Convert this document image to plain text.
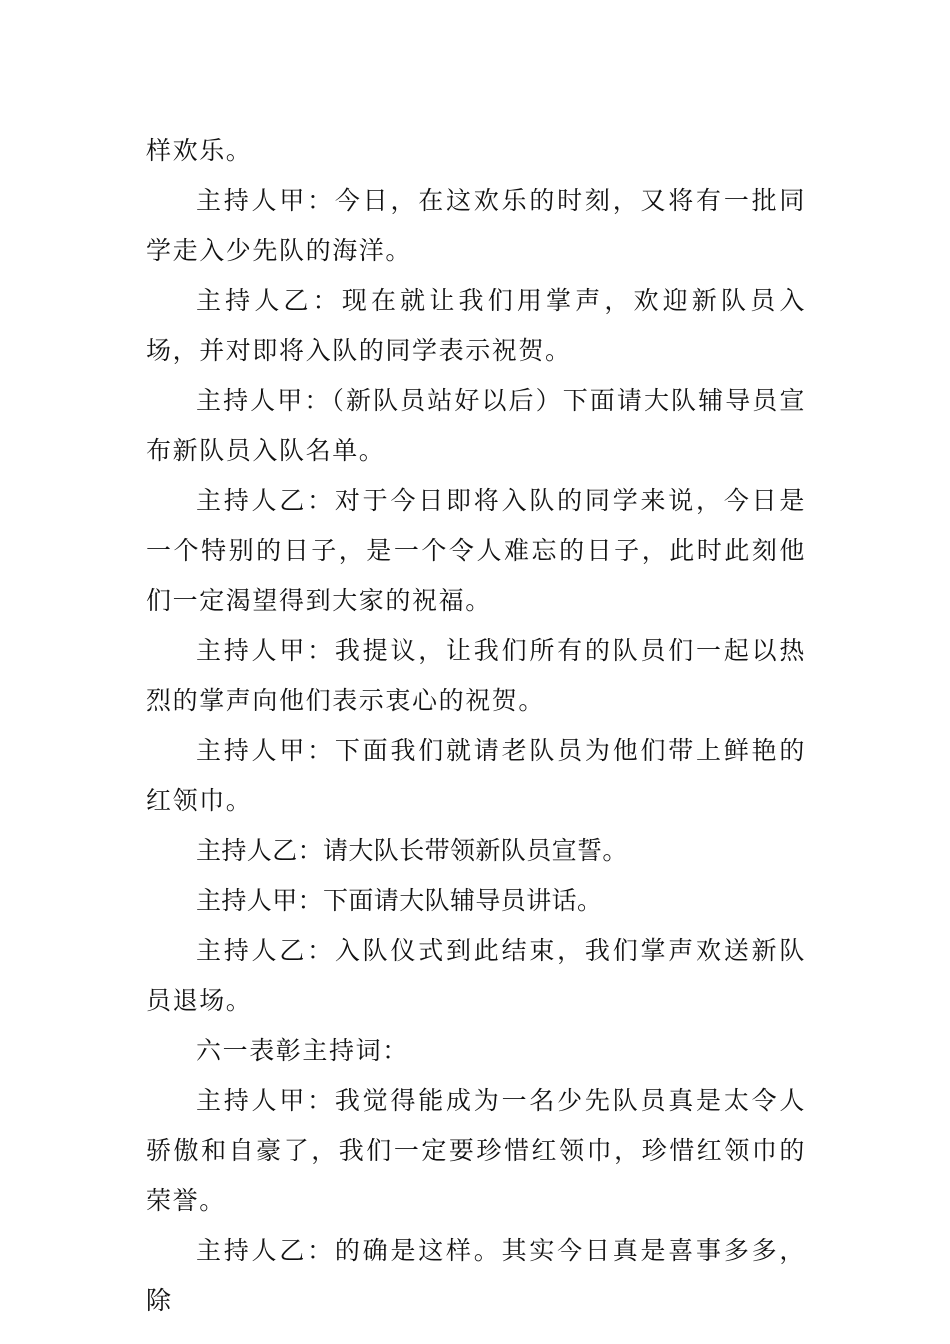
样欢乐。

主持人甲：今日，在这欢乐的时刻，又将有一批同学走入少先队的海洋。

主持人乙：现在就让我们用掌声，欢迎新队员入场，并对即将入队的同学表示祝贺。

主持人甲：（新队员站好以后）下面请大队辅导员宣布新队员入队名单。

主持人乙：对于今日即将入队的同学来说，今日是一个特别的日子，是一个令人难忘的日子，此时此刻他们一定渴望得到大家的祝福。

主持人甲：我提议，让我们所有的队员们一起以热烈的掌声向他们表示衷心的祝贺。

主持人甲：下面我们就请老队员为他们带上鲜艳的红领巾。

主持人乙：请大队长带领新队员宣誓。

主持人甲：下面请大队辅导员讲话。

主持人乙：入队仪式到此结束，我们掌声欢送新队员退场。

六一表彰主持词：

主持人甲：我觉得能成为一名少先队员真是太令人骄傲和自豪了，我们一定要珍惜红领巾，珍惜红领巾的荣誉。

主持人乙：的确是这样。其实今日真是喜事多多，除
